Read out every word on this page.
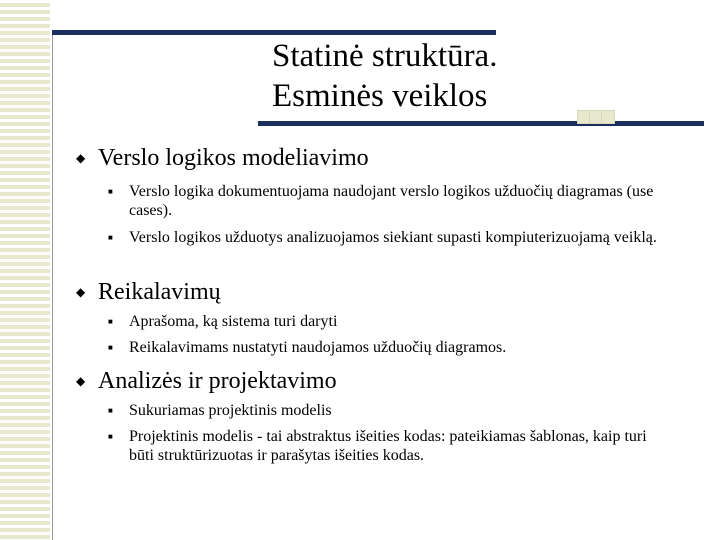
Statinė struktūra.
Esminės veiklos
◆ Verslo logikos modeliavimo
■	Verslo logika dokumentuojama naudojant verslo logikos užduočių diagramas (use cases).
■	Verslo logikos užduotys analizuojamos siekiant supasti kompiuterizuojamą veiklą.
◆ Reikalavimų
■	Aprašoma, ką sistema turi daryti
■	Reikalavimams nustatyti naudojamos užduočių diagramos.
◆ Analizės ir projektavimo
■	Sukuriamas projektinis modelis
■	Projektinis modelis - tai abstraktus išeities kodas: pateikiamas šablonas, kaip turi būti struktūrizuotas ir parašytas išeities kodas.
